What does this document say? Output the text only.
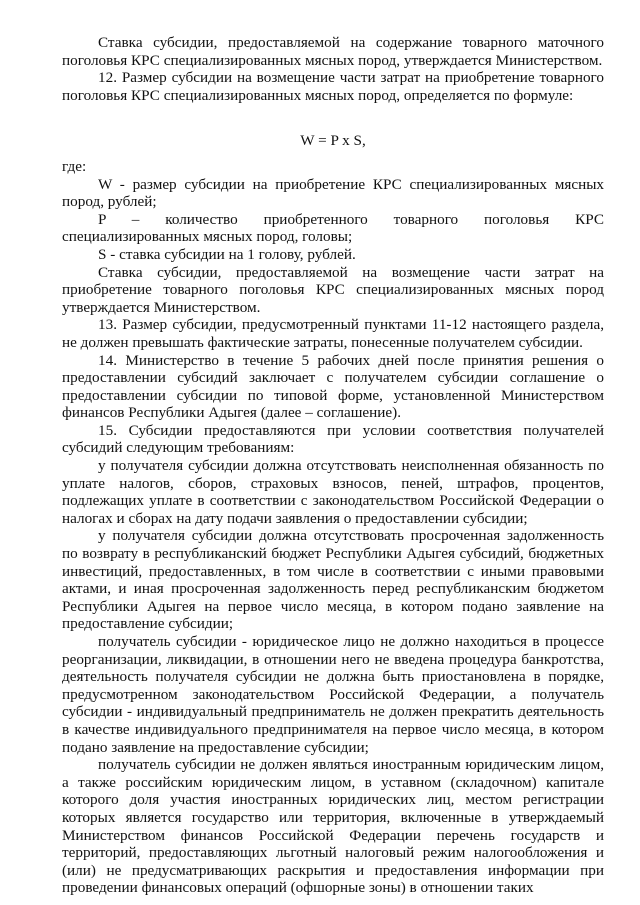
Ставка субсидии, предоставляемой на содержание товарного маточного поголовья КРС специализированных мясных пород, утверждается Министерством.

12. Размер субсидии на возмещение части затрат на приобретение товарного поголовья КРС специализированных мясных пород, определяется по формуле:

W = P x S,

где:

W - размер субсидии на приобретение КРС специализированных мясных пород, рублей;

P – количество приобретенного товарного поголовья КРС специализированных мясных пород, головы;

S - ставка субсидии на 1 голову, рублей.

Ставка субсидии, предоставляемой на возмещение части затрат на приобретение товарного поголовья КРС специализированных мясных пород утверждается Министерством.

13. Размер субсидии, предусмотренный пунктами 11-12 настоящего раздела, не должен превышать фактические затраты, понесенные получателем субсидии.

14. Министерство в течение 5 рабочих дней после принятия решения о предоставлении субсидий заключает с получателем субсидии соглашение о предоставлении субсидии по типовой форме, установленной Министерством финансов Республики Адыгея (далее – соглашение).

15. Субсидии предоставляются при условии соответствия получателей субсидий следующим требованиям:

у получателя субсидии должна отсутствовать неисполненная обязанность по уплате налогов, сборов, страховых взносов, пеней, штрафов, процентов, подлежащих уплате в соответствии с законодательством Российской Федерации о налогах и сборах на дату подачи заявления о предоставлении субсидии;

у получателя субсидии должна отсутствовать просроченная задолженность по возврату в республиканский бюджет Республики Адыгея субсидий, бюджетных инвестиций, предоставленных, в том числе в соответствии с иными правовыми актами, и иная просроченная задолженность перед республиканским бюджетом Республики Адыгея на первое число месяца, в котором подано заявление на предоставление субсидии;

получатель субсидии - юридическое лицо не должно находиться в процессе реорганизации, ликвидации, в отношении него не введена процедура банкротства, деятельность получателя субсидии не должна быть приостановлена в порядке, предусмотренном законодательством Российской Федерации, а получатель субсидии - индивидуальный предприниматель не должен прекратить деятельность в качестве индивидуального предпринимателя на первое число месяца, в котором подано заявление на предоставление субсидии;

получатель субсидии не должен являться иностранным юридическим лицом, а также российским юридическим лицом, в уставном (складочном) капитале которого доля участия иностранных юридических лиц, местом регистрации которых является государство или территория, включенные в утверждаемый Министерством финансов Российской Федерации перечень государств и территорий, предоставляющих льготный налоговый режим налогообложения и (или) не предусматривающих раскрытия и предоставления информации при проведении финансовых операций (офшорные зоны) в отношении таких
